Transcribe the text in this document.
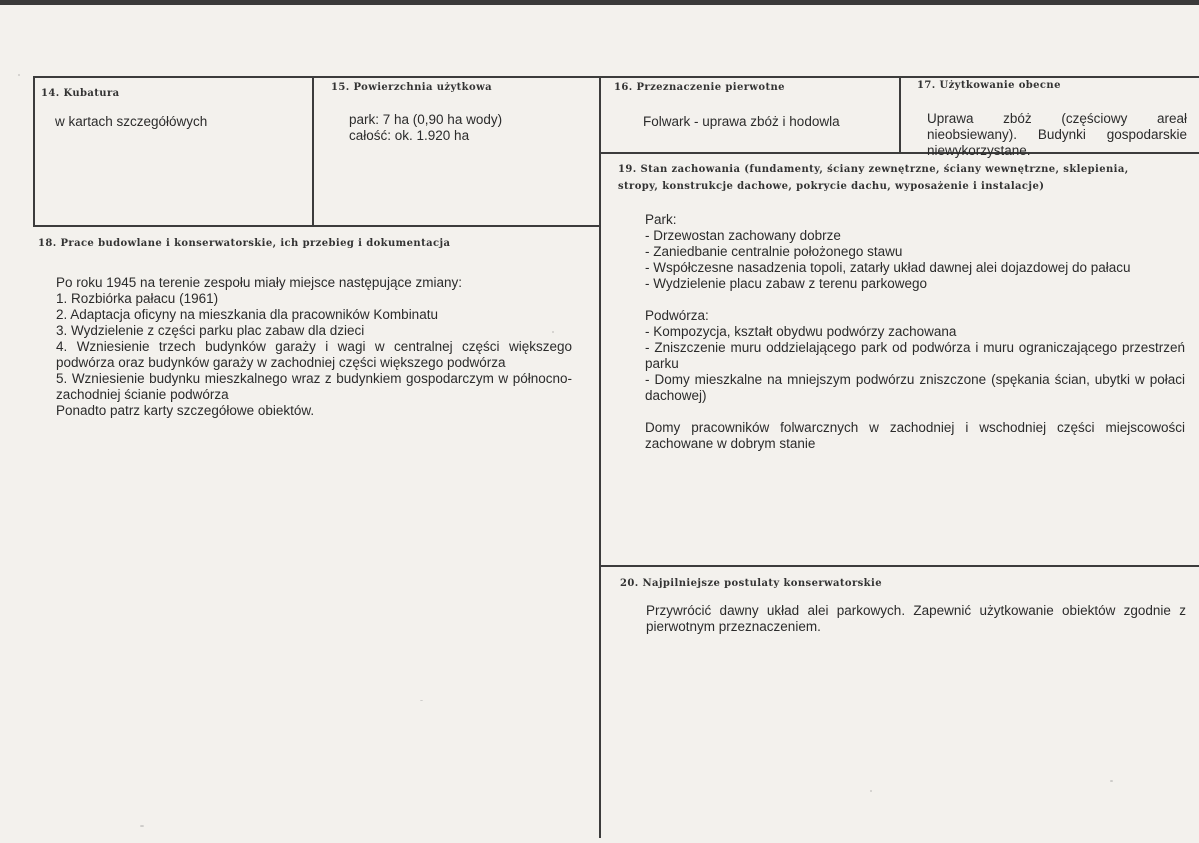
14. Kubatura
w kartach szczegółówych
15. Powierzchnia użytkowa

park: 7 ha (0,90 ha wody)

całość: ok. 1.920 ha

16. Przeznaczenie pierwotne
Folwark - uprawa zbóż i hodowla
17. Użytkowanie obecne
Uprawa zbóż (częściowy areał nieobsiewany). Budynki gospodarskie niewykorzystane.
18. Prace budowlane i konserwatorskie, ich przebieg i dokumentacja

Po roku 1945 na terenie zespołu miały miejsce następujące zmiany:

1. Rozbiórka pałacu (1961)

2. Adaptacja oficyny na mieszkania dla pracowników Kombinatu

3. Wydzielenie z części parku plac zabaw dla dzieci

4. Wzniesienie trzech budynków garaży i wagi w centralnej części większego podwórza oraz budynków garaży w zachodniej części większego podwórza

5. Wzniesienie budynku mieszkalnego wraz z budynkiem gospodarczym w północno-zachodniej ścianie podwórza

Ponadto patrz karty szczegółowe obiektów.

19. Stan zachowania (fundamenty, ściany zewnętrzne, ściany wewnętrzne, sklepienia, stropy, konstrukcje dachowe, pokrycie dachu, wyposażenie i instalacje)

Park:

- Drzewostan zachowany dobrze

- Zaniedbanie centralnie położonego stawu

- Współczesne nasadzenia topoli, zatarły układ dawnej alei dojazdowej do pałacu

- Wydzielenie placu zabaw z terenu parkowego

Podwórza:

- Kompozycja, kształt obydwu podwórzy zachowana

- Zniszczenie muru oddzielającego park od podwórza i muru ograniczającego przestrzeń parku

- Domy mieszkalne na mniejszym podwórzu zniszczone (spękania ścian, ubytki w połaci dachowej)

Domy pracowników folwarcznych w zachodniej i wschodniej części miejscowości zachowane w dobrym stanie

20. Najpilniejsze postulaty konserwatorskie
Przywrócić dawny układ alei parkowych. Zapewnić użytkowanie obiektów zgodnie z pierwotnym przeznaczeniem.
